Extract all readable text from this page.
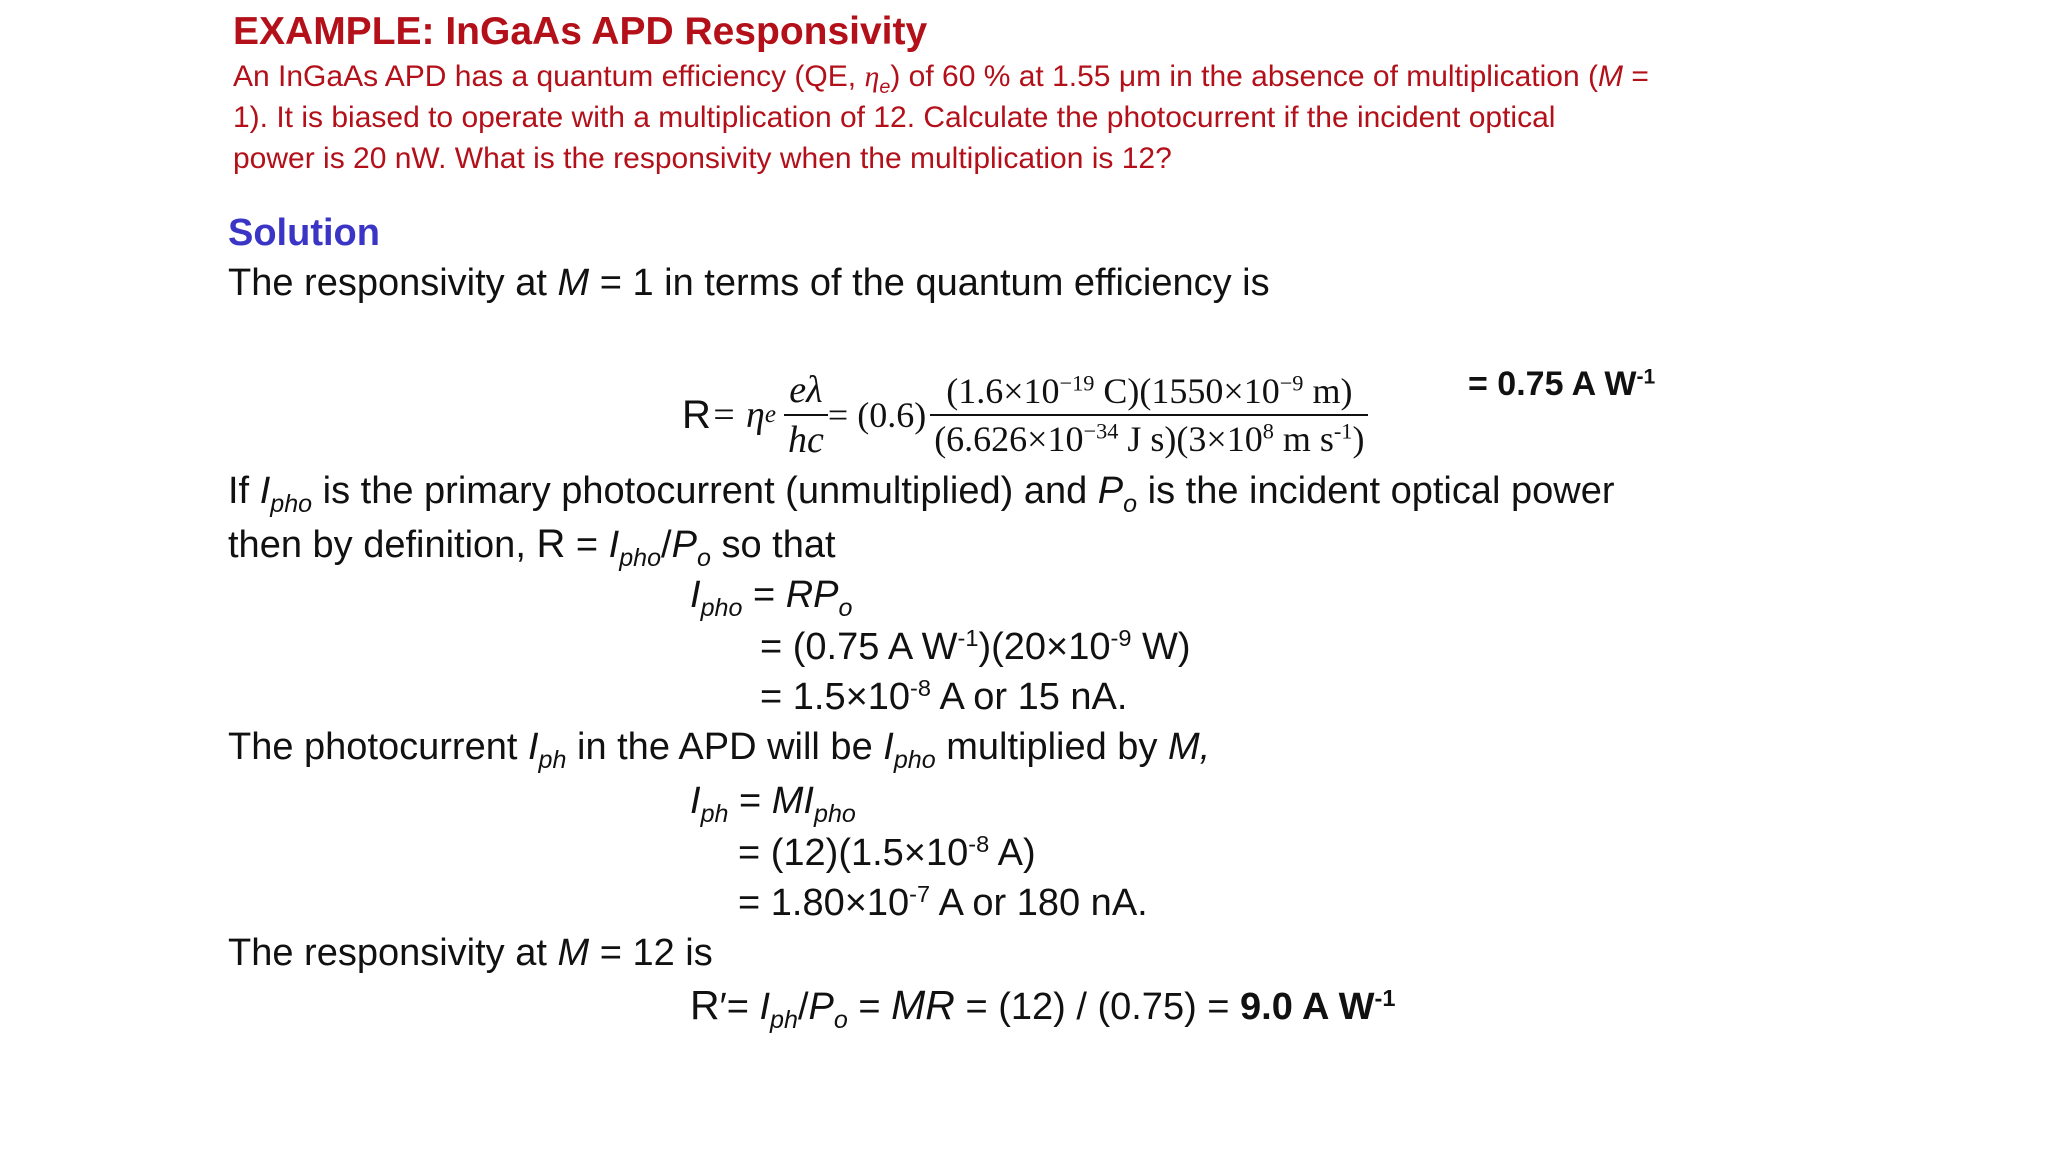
EXAMPLE: InGaAs APD Responsivity
An InGaAs APD has a quantum efficiency (QE, $\eta_e$) of 60 % at 1.55 μm in the absence of multiplication (M =
1). It is biased to operate with a multiplication of 12. Calculate the photocurrent if the incident optical
power is 20 nW. What is the responsivity when the multiplication is 12?
Solution
The responsivity at M = 1 in terms of the quantum efficiency is
R = η e $\frac{e\lambda}{hc} = (0.6) \frac{(1.6\times 10^{-19} C)(1550\times 10^{-9} m)}{(6.626\times 10^{-34} J s)(3\times 10^8 m s^{-1})}$	= 0.75 A $W^{-1}$
If $I_{pho}$ is the primary photocurrent (unmultiplied) and $P_o$ is the incident optical power
then by definition, $R = I_{pho}/P_o$ so that
$I_{pho} = RP_o$
= (0.75 A $W^{-1})(20\times 10^{-9}$ W)
= $1.5\times 10^{-8}$ A or 15 nA.
The photocurrent $I_{ph}$ in the APD will be $I_{pho}$ multiplied by M,
$I_{ph} = MI_{pho}$
= $(12)(1.5\times 10^{-8}$ A)
= $1.80\times 10^{-7}$ A or 180 nA.
The responsivity at M = 12 is
$R'= I_{ph}/P_o$ = MR = (12) / (0.75) = 9.0 A $W^{-1}$
